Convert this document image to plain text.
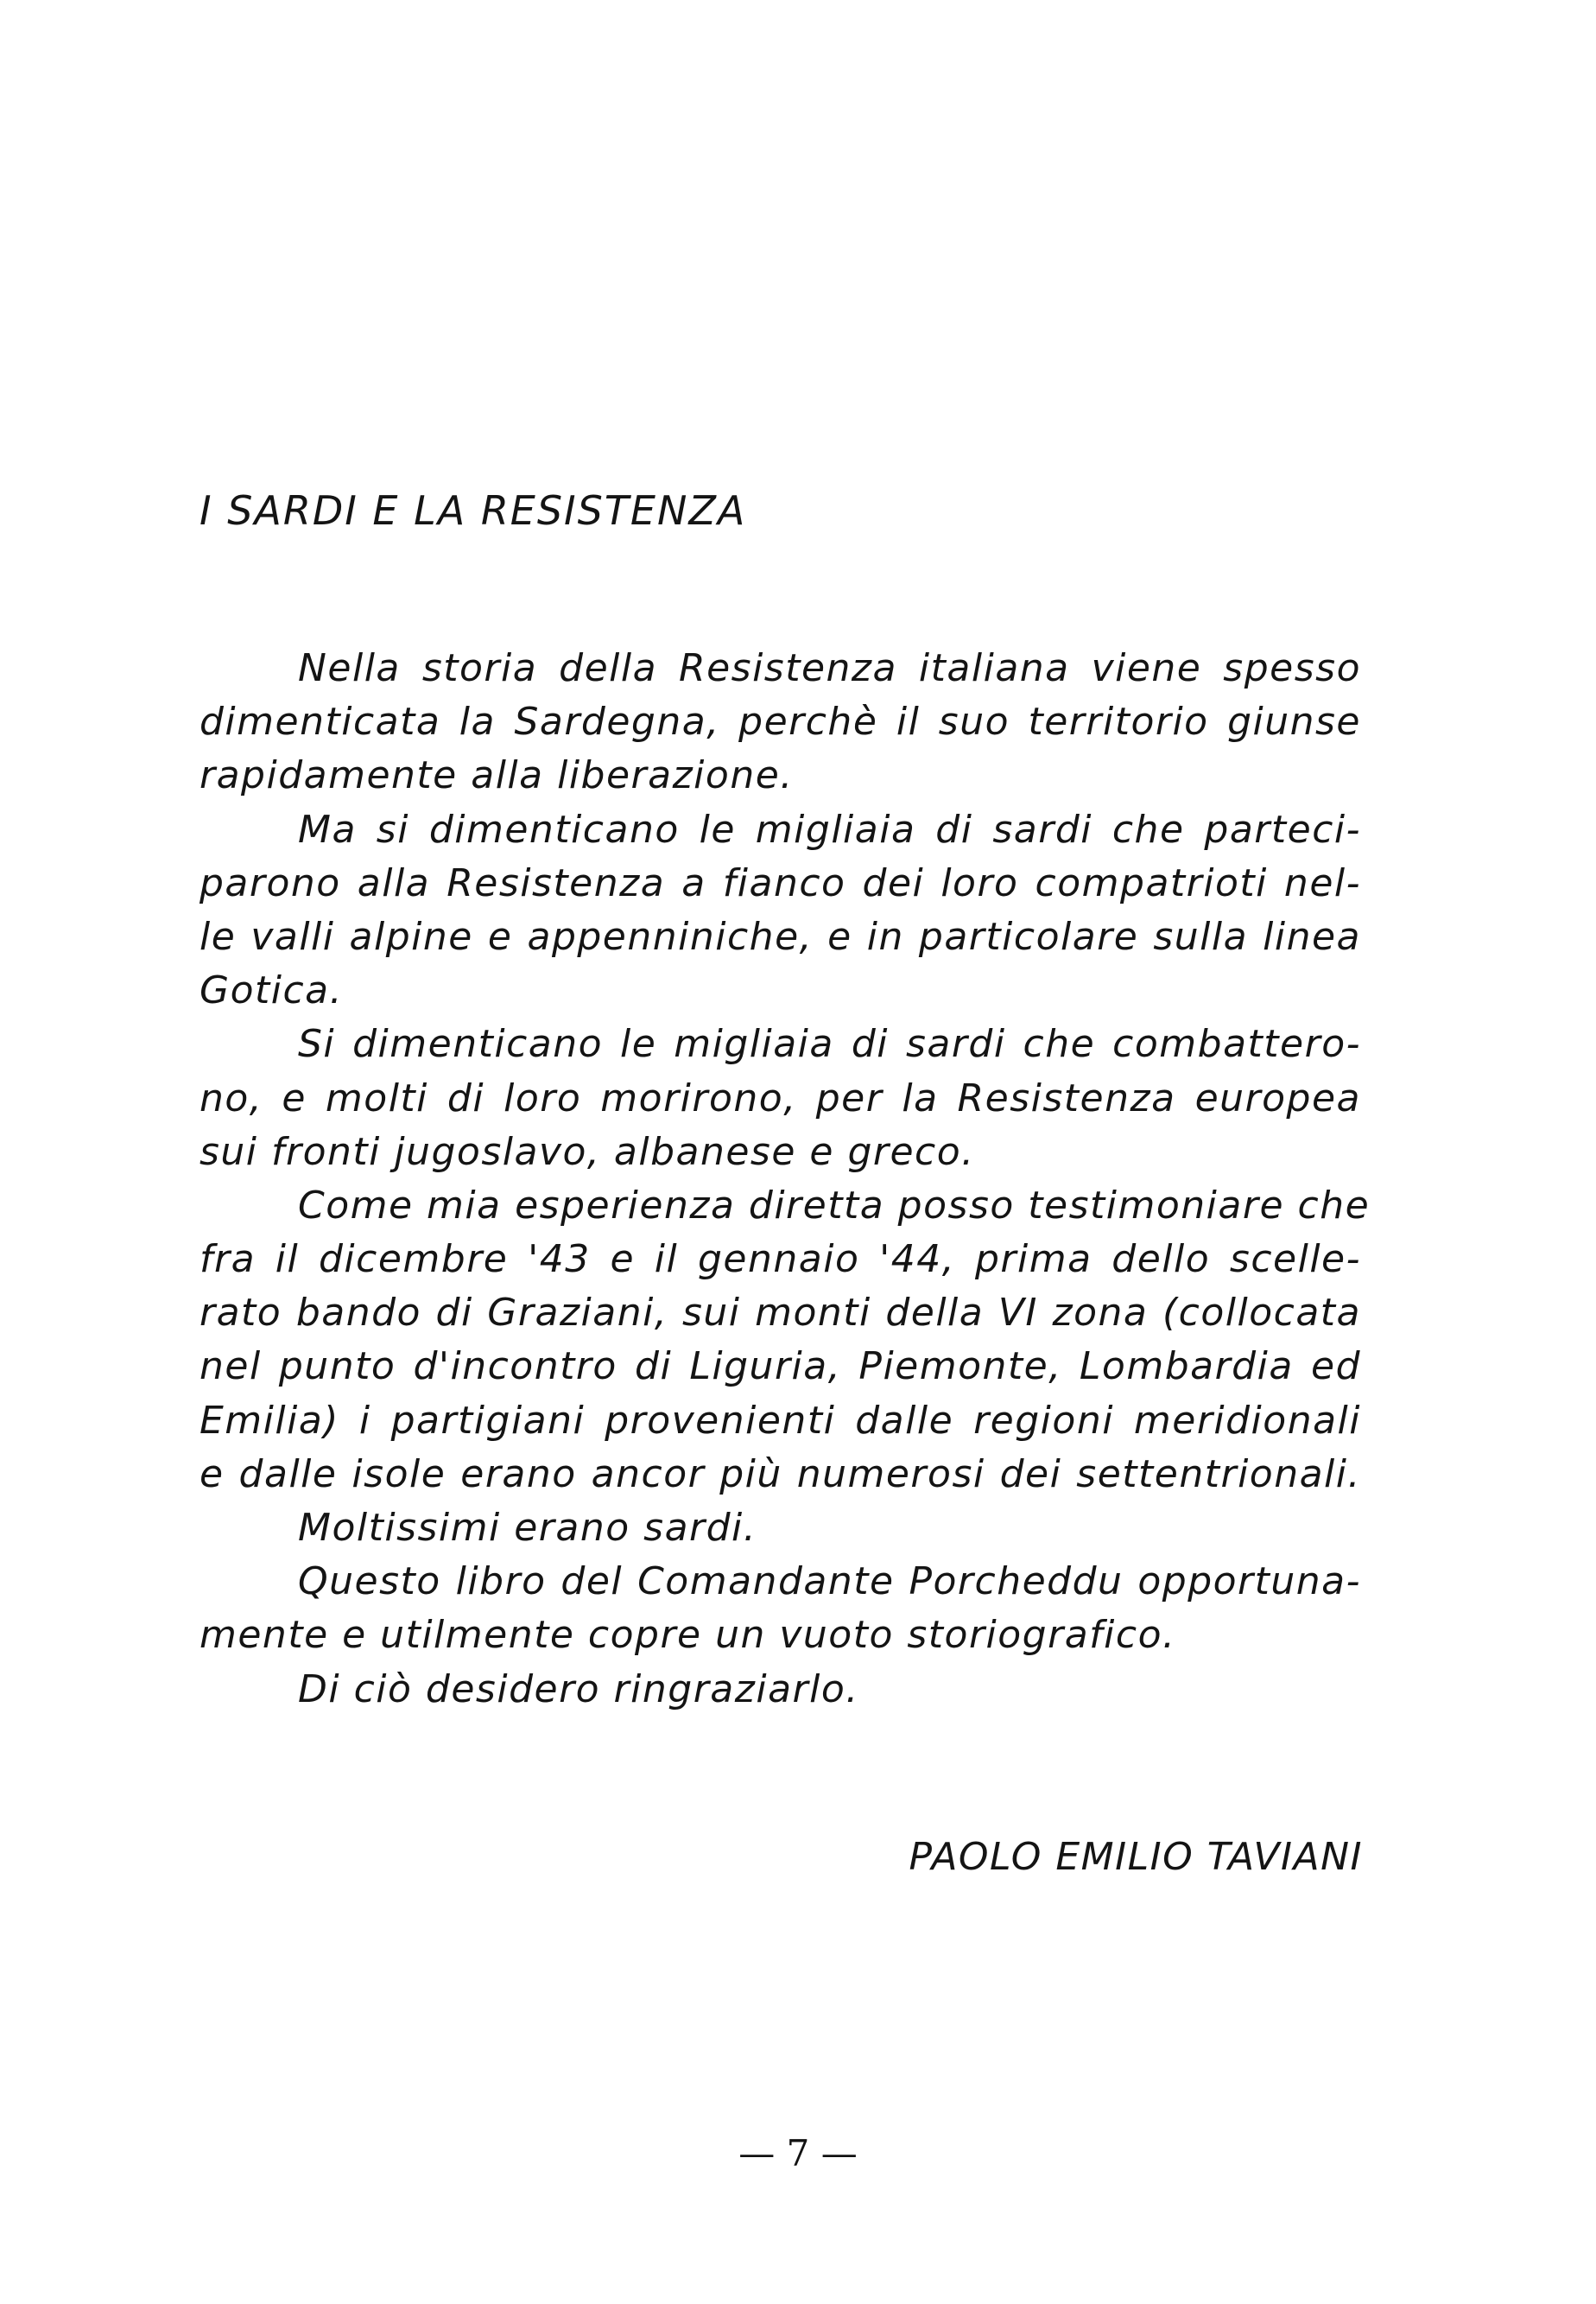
I SARDI E LA RESISTENZA
Nella storia della Resistenza italiana viene spesso
dimenticata la Sardegna, perchè il suo territorio giunse
rapidamente alla liberazione.
Ma si dimenticano le migliaia di sardi che parteci-
parono alla Resistenza a fianco dei loro compatrioti nel-
le valli alpine e appenniniche, e in particolare sulla linea
Gotica.
Si dimenticano le migliaia di sardi che combattero-
no, e molti di loro morirono, per la Resistenza europea
sui fronti jugoslavo, albanese e greco.
Come mia esperienza diretta posso testimoniare che
fra il dicembre '43 e il gennaio '44, prima dello scelle-
rato bando di Graziani, sui monti della VI zona (collocata
nel punto d'incontro di Liguria, Piemonte, Lombardia ed
Emilia) i partigiani provenienti dalle regioni meridionali
e dalle isole erano ancor più numerosi dei settentrionali.
Moltissimi erano sardi.
Questo libro del Comandante Porcheddu opportuna-
mente e utilmente copre un vuoto storiografico.
Di ciò desidero ringraziarlo.
PAOLO EMILIO TAVIANI
— 7 —
